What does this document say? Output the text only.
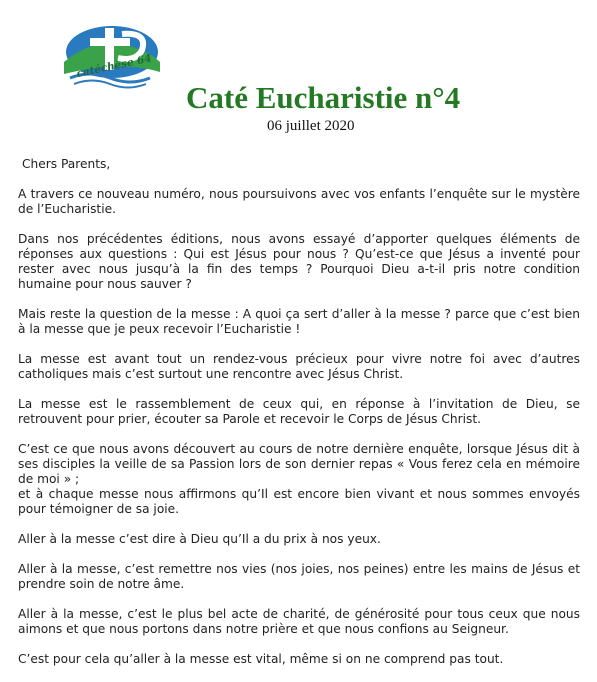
catéchèse 64
Caté Eucharistie n°4
06 juillet 2020

Chers Parents,

A travers ce nouveau numéro, nous poursuivons avec vos enfants l’enquête sur le mystère de l’Eucharistie.

Dans nos précédentes éditions, nous avons essayé d’apporter quelques éléments de réponses aux questions : Qui est Jésus pour nous ? Qu’est-ce que Jésus a inventé pour rester avec nous jusqu’à la fin des temps ? Pourquoi Dieu a-t-il pris notre condition humaine pour nous sauver ?

Mais reste la question de la messe : A quoi ça sert d’aller à la messe ? parce que c’est bien à la messe que je peux recevoir l’Eucharistie !

La messe est avant tout un rendez-vous précieux pour vivre notre foi avec d’autres catholiques mais c’est surtout une rencontre avec Jésus Christ.

La messe est le rassemblement de ceux qui, en réponse à l’invitation de Dieu, se retrouvent pour prier, écouter sa Parole et recevoir le Corps de Jésus Christ.

C’est ce que nous avons découvert au cours de notre dernière enquête, lorsque Jésus dit à ses disciples la veille de sa Passion lors de son dernier repas « Vous ferez cela en mémoire de moi » ;
et à chaque messe nous affirmons qu’Il est encore bien vivant et nous sommes envoyés pour témoigner de sa joie.

Aller à la messe c’est dire à Dieu qu’Il a du prix à nos yeux.

Aller à la messe, c’est remettre nos vies (nos joies, nos peines) entre les mains de Jésus et prendre soin de notre âme.

Aller à la messe, c’est le plus bel acte de charité, de générosité pour tous ceux que nous aimons et que nous portons dans notre prière et que nous confions au Seigneur.

C’est pour cela qu’aller à la messe est vital, même si on ne comprend pas tout.
